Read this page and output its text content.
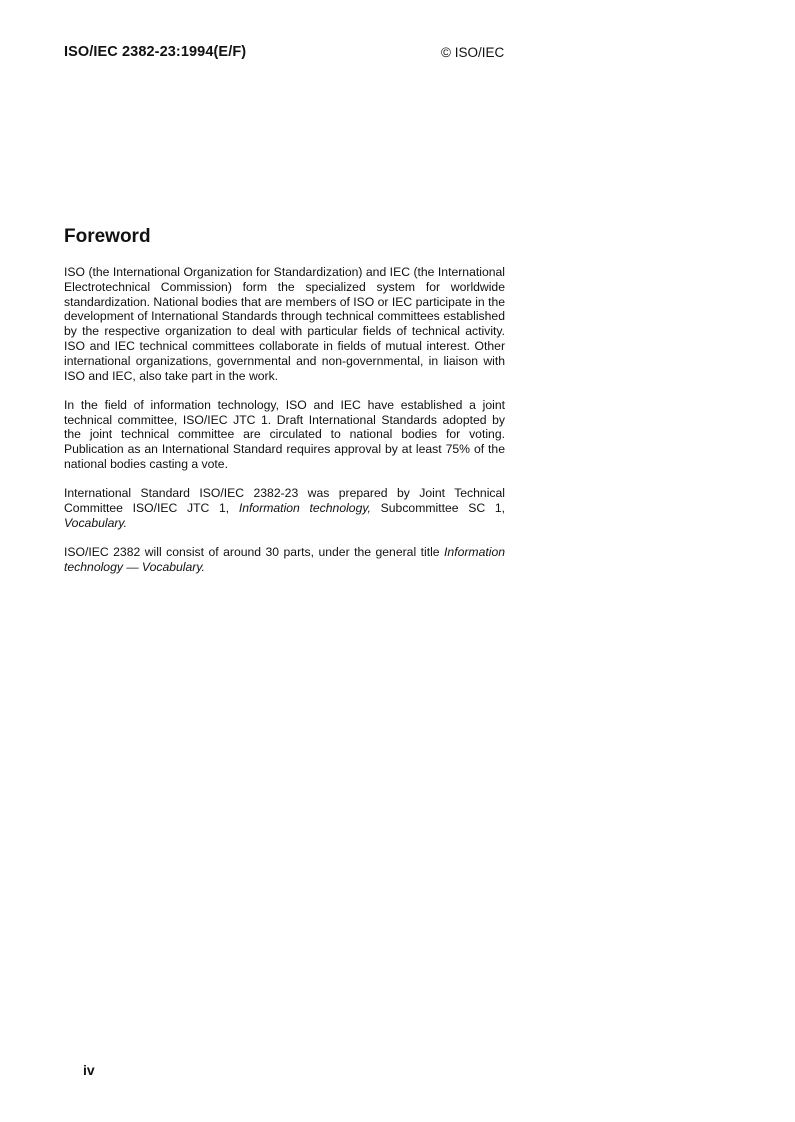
ISO/IEC 2382-23:1994(E/F)	© ISO/IEC
Foreword

ISO (the International Organization for Standardization) and IEC (the International Electrotechnical Commission) form the specialized system for worldwide standardization. National bodies that are members of ISO or IEC participate in the development of International Standards through technical committees established by the respective organization to deal with particular fields of technical activity. ISO and IEC technical committees collaborate in fields of mutual interest. Other international organizations, governmental and non-governmental, in liaison with ISO and IEC, also take part in the work.

In the field of information technology, ISO and IEC have established a joint technical committee, ISO/IEC JTC 1. Draft International Standards adopted by the joint technical committee are circulated to national bodies for voting. Publication as an International Standard requires approval by at least 75% of the national bodies casting a vote.

International Standard ISO/IEC 2382-23 was prepared by Joint Technical Committee ISO/IEC JTC 1, Information technology, Subcommittee SC 1, Vocabulary.

ISO/IEC 2382 will consist of around 30 parts, under the general title Information technology — Vocabulary.

iv
